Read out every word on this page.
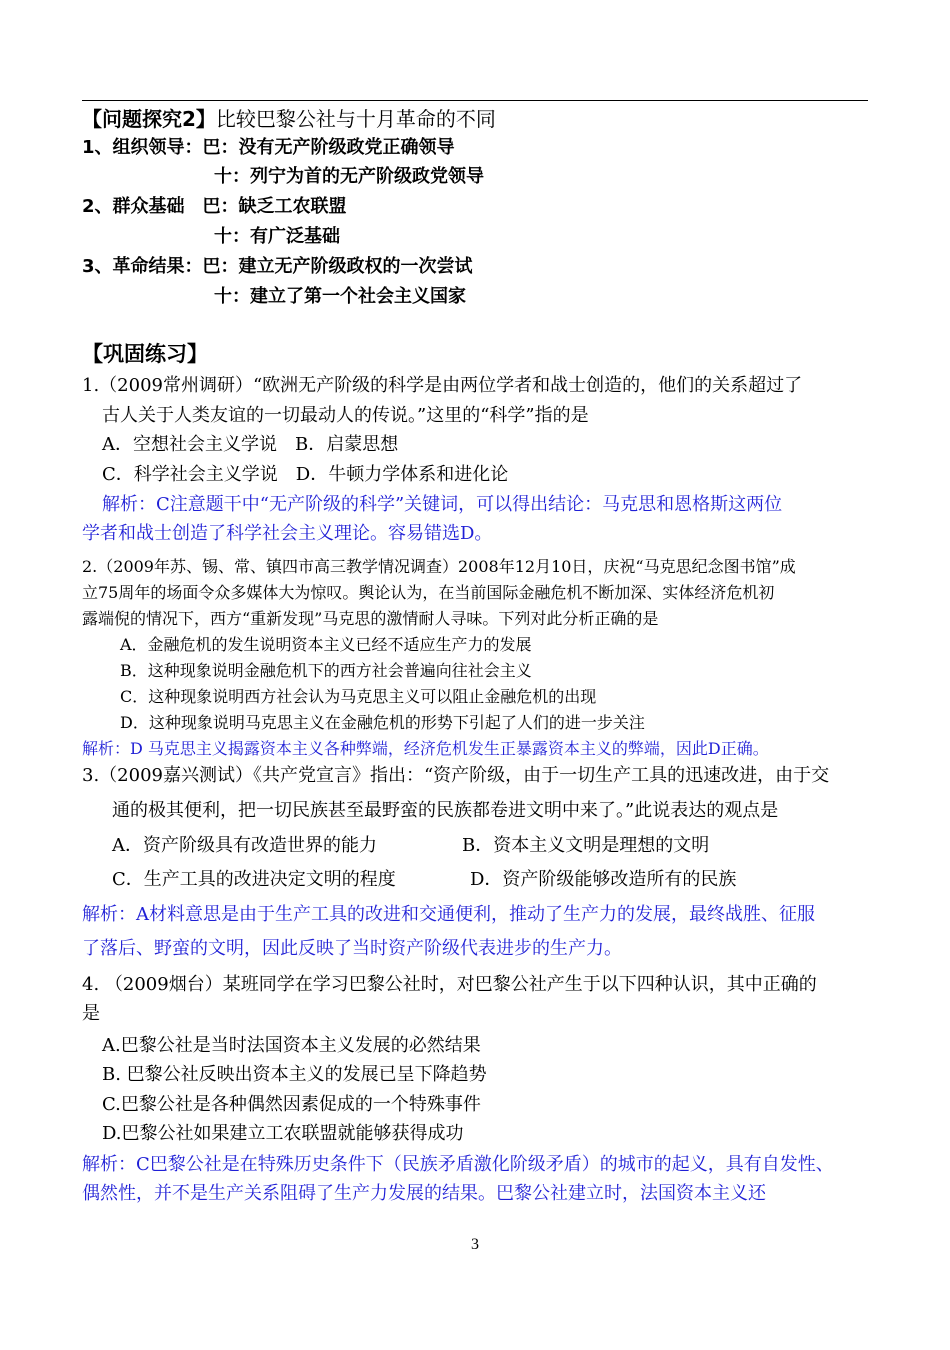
【问题探究2】比较巴黎公社与十月革命的不同
1、组织领导：巴：没有无产阶级政党正确领导
十：列宁为首的无产阶级政党领导
2、群众基础　巴：缺乏工农联盟
十：有广泛基础
3、革命结果：巴：建立无产阶级政权的一次尝试
十：建立了第一个社会主义国家
【巩固练习】
1.（2009常州调研）“欧洲无产阶级的科学是由两位学者和战士创造的，他们的关系超过了
古人关于人类友谊的一切最动人的传说。”这里的“科学”指的是
A．空想社会主义学说　B．启蒙思想
C．科学社会主义学说　D．牛顿力学体系和进化论
解析：C注意题干中“无产阶级的科学”关键词，可以得出结论：马克思和恩格斯这两位
学者和战士创造了科学社会主义理论。容易错选D。
2.（2009年苏、锡、常、镇四市高三教学情况调查）2008年12月10日，庆祝“马克思纪念图书馆”成
立75周年的场面令众多媒体大为惊叹。舆论认为，在当前国际金融危机不断加深、实体经济危机初
露端倪的情况下，西方“重新发现”马克思的激情耐人寻味。下列对此分析正确的是
A．金融危机的发生说明资本主义已经不适应生产力的发展
B．这种现象说明金融危机下的西方社会普遍向往社会主义
C．这种现象说明西方社会认为马克思主义可以阻止金融危机的出现
D．这种现象说明马克思主义在金融危机的形势下引起了人们的进一步关注
解析：D 马克思主义揭露资本主义各种弊端，经济危机发生正暴露资本主义的弊端，因此D正确。
3.（2009嘉兴测试）《共产党宣言》指出：“资产阶级，由于一切生产工具的迅速改进，由于交
通的极其便利，把一切民族甚至最野蛮的民族都卷进文明中来了。”此说表达的观点是
A．资产阶级具有改造世界的能力	B．资本主义文明是理想的文明
C．生产工具的改进决定文明的程度	D．资产阶级能够改造所有的民族
解析：A材料意思是由于生产工具的改进和交通便利，推动了生产力的发展，最终战胜、征服
了落后、野蛮的文明，因此反映了当时资产阶级代表进步的生产力。
4. （2009烟台）某班同学在学习巴黎公社时，对巴黎公社产生于以下四种认识，其中正确的
是
A.巴黎公社是当时法国资本主义发展的必然结果
B. 巴黎公社反映出资本主义的发展已呈下降趋势
C.巴黎公社是各种偶然因素促成的一个特殊事件
D.巴黎公社如果建立工农联盟就能够获得成功
解析：C巴黎公社是在特殊历史条件下（民族矛盾激化阶级矛盾）的城市的起义，具有自发性、
偶然性，并不是生产关系阻碍了生产力发展的结果。巴黎公社建立时，法国资本主义还
3
